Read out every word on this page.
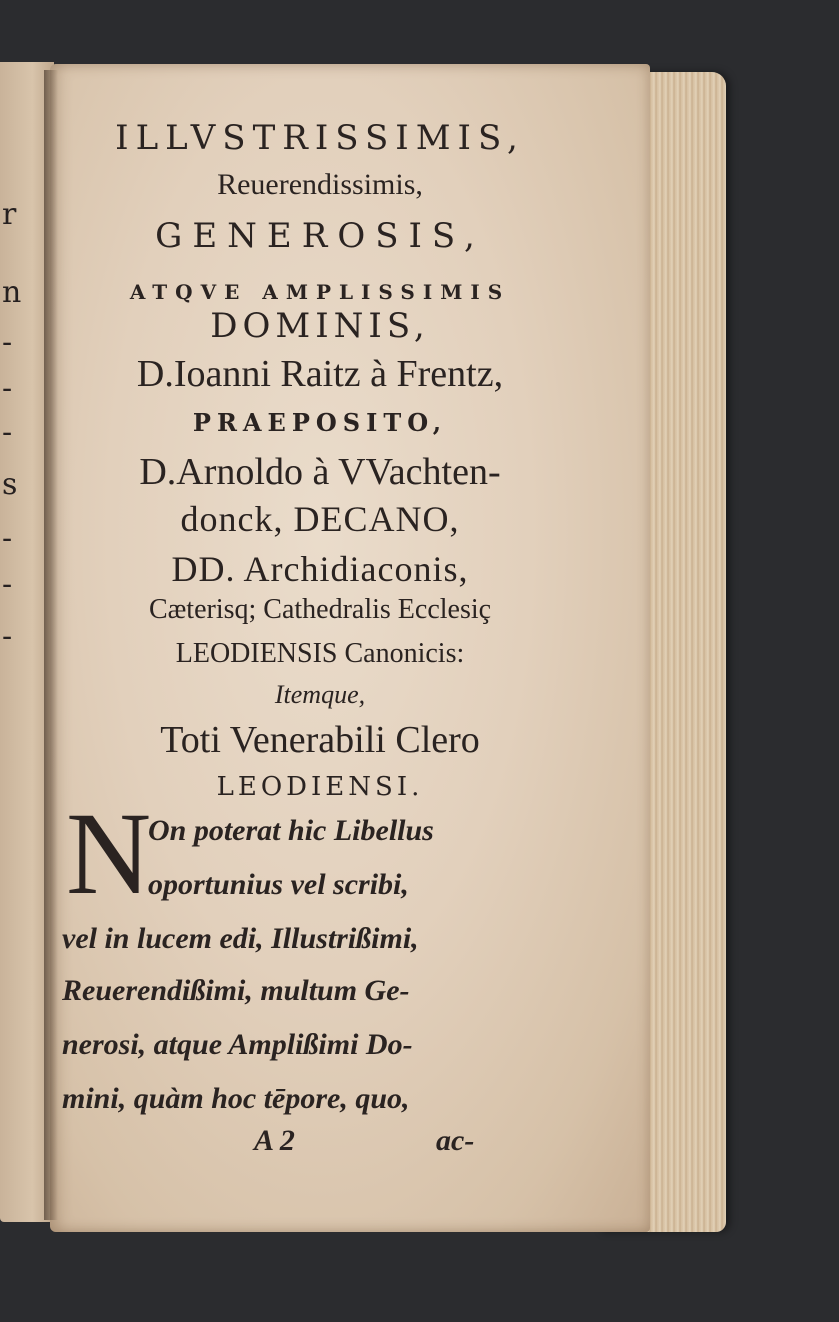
r
n
-
-
-
s
-
-
-
ILLVSTRISSIMIS,
Reuerendissimis,
GENEROSIS,
ATQVE AMPLISSIMIS
DOMINIS,
D.Ioanni Raitz à Frentz,
PRAEPOSITO,
D.Arnoldo à VVachten-
donck, DECANO,
DD. Archidiaconis,
Cæterisq; Cathedralis Ecclesiç
LEODIENSIS Canonicis:
Itemque,
Toti Venerabili Clero
LEODIENSI.
N
On poterat hic Libellus
oportunius vel scribi,
vel in lucem edi, Illustrißimi,
Reuerendißimi, multum Ge-
nerosi, atque Amplißimi Do-
mini, quàm hoc tēpore, quo,
A 2	ac-
